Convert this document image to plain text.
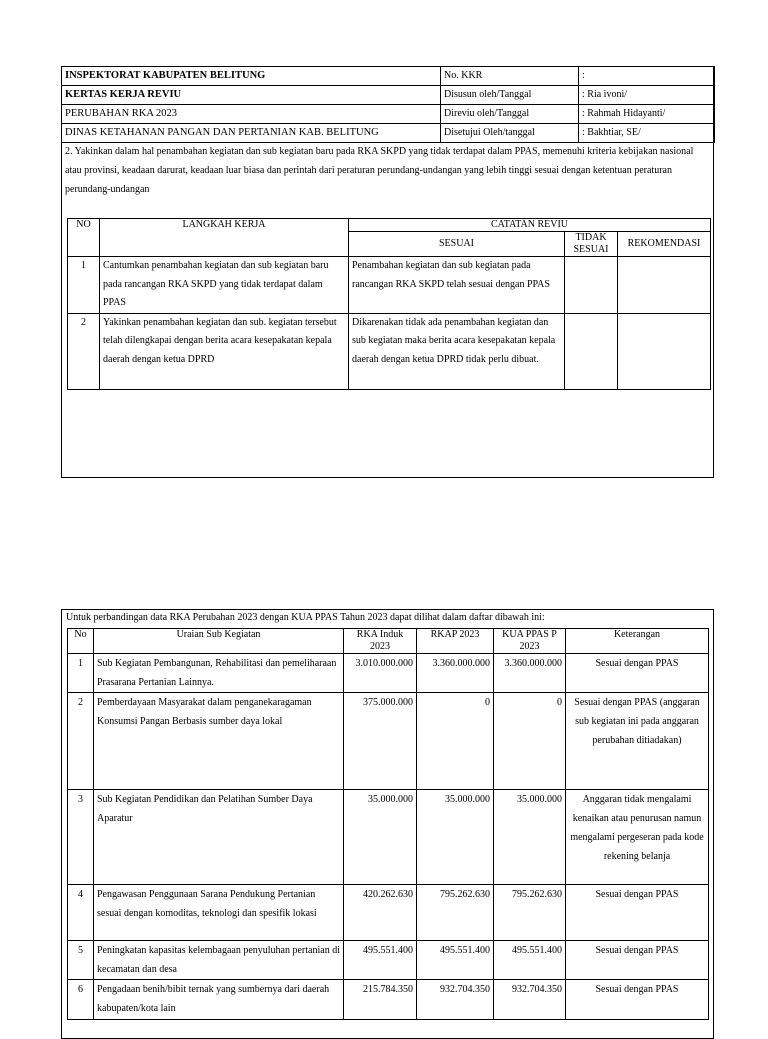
INSPEKTORAT KABUPATEN BELITUNG	No. KKR	:
KERTAS KERJA REVIU	Disusun oleh/Tanggal	: Ria ivoni/
PERUBAHAN RKA 2023	Direviu oleh/Tanggal	: Rahmah Hidayanti/
DINAS KETAHANAN PANGAN DAN PERTANIAN KAB. BELITUNG	Disetujui Oleh/tanggal	: Bakhtiar, SE/
2. Yakinkan dalam hal penambahan kegiatan dan sub kegiatan baru pada RKA SKPD yang tidak terdapat dalam PPAS, memenuhi kriteria kebijakan nasional atau provinsi, keadaan darurat, keadaan luar biasa dan perintah dari peraturan perundang-undangan yang lebih tinggi sesuai dengan ketentuan peraturan perundang-undangan
NO	LANGKAH KERJA	CATATAN REVIU		
		SESUAI	TIDAK SESUAI	REKOMENDASI
1	Cantumkan penambahan kegiatan dan sub kegiatan baru pada rancangan RKA SKPD yang tidak terdapat dalam PPAS	Penambahan kegiatan dan sub kegiatan pada rancangan RKA SKPD telah sesuai dengan PPAS		
2	Yakinkan penambahan kegiatan dan sub. kegiatan tersebut telah dilengkapai dengan berita acara kesepakatan kepala daerah dengan ketua DPRD	Dikarenakan tidak ada penambahan kegiatan dan sub kegiatan maka berita acara kesepakatan kepala daerah dengan ketua DPRD tidak perlu dibuat.		
Untuk perbandingan data RKA Perubahan 2023 dengan KUA PPAS Tahun 2023 dapat dilihat dalam daftar dibawah ini:
No	Uraian Sub Kegiatan	RKA Induk 2023	RKAP 2023	KUA PPAS P 2023	Keterangan
1	Sub Kegiatan Pembangunan, Rehabilitasi dan pemeliharaan Prasarana Pertanian Lainnya.	3.010.000.000	3.360.000.000	3.360.000.000	Sesuai dengan PPAS
2	Pemberdayaan Masyarakat dalam penganekaragaman Konsumsi Pangan Berbasis sumber daya lokal	375.000.000	0	0	Sesuai dengan PPAS (anggaran sub kegiatan ini pada anggaran perubahan ditiadakan)
3	Sub Kegiatan Pendidikan dan Pelatihan Sumber Daya Aparatur	35.000.000	35.000.000	35.000.000	Anggaran tidak mengalami kenaikan atau penurusan namun mengalami pergeseran pada kode rekening belanja
4	Pengawasan Penggunaan Sarana Pendukung Pertanian sesuai dengan komoditas, teknologi dan spesifik lokasi	420.262.630	795.262.630	795.262.630	Sesuai dengan PPAS
5	Peningkatan kapasitas kelembagaan penyuluhan pertanian di kecamatan dan desa	495.551.400	495.551.400	495.551.400	Sesuai dengan PPAS
6	Pengadaan benih/bibit ternak yang sumbernya dari daerah kabupaten/kota lain	215.784.350	932.704.350	932.704.350	Sesuai dengan PPAS
